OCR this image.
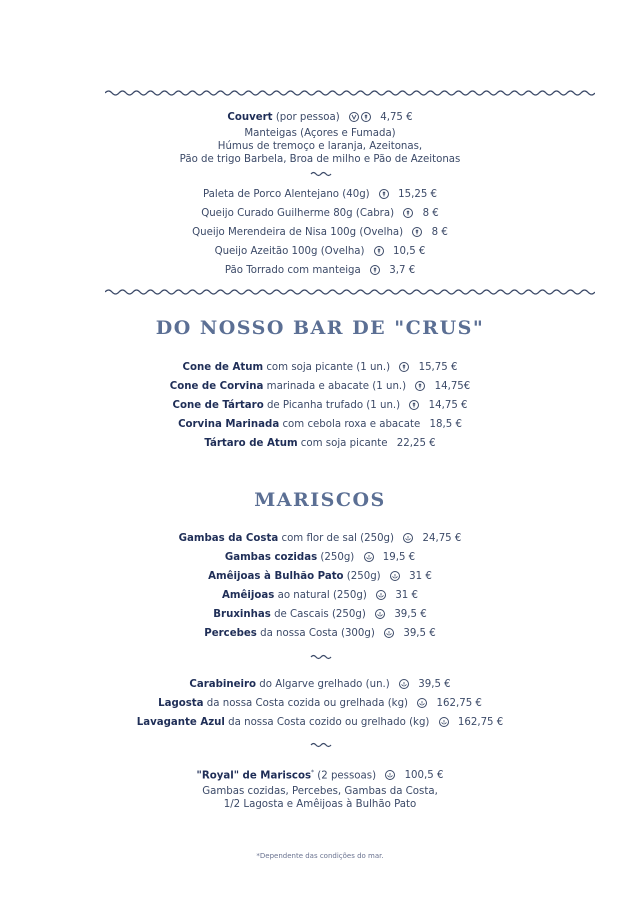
Couvert (por pessoa)	4,75 €
Manteigas (Açores e Fumada)
Húmus de tremoço e laranja, Azeitonas,
Pão de trigo Barbela, Broa de milho e Pão de Azeitonas
Paleta de Porco Alentejano (40g)	15,25 €
Queijo Curado Guilherme 80g (Cabra)	8 €
Queijo Merendeira de Nisa 100g (Ovelha)	8 €
Queijo Azeitão 100g (Ovelha)	10,5 €
Pão Torrado com manteiga	3,7 €
DO NOSSO BAR DE "CRUS"
Cone de Atum com soja picante (1 un.)	15,75 €
Cone de Corvina marinada e abacate (1 un.)	14,75€
Cone de Tártaro de Picanha trufado (1 un.)	14,75 €
Corvina Marinada com cebola roxa e abacate 18,5 €
Tártaro de Atum com soja picante 22,25 €
MARISCOS
Gambas da Costa com flor de sal (250g)	24,75 €
Gambas cozidas (250g)	19,5 €
Amêijoas à Bulhão Pato (250g)	31 €
Amêijoas ao natural (250g)	31 €
Bruxinhas de Cascais (250g)	39,5 €
Percebes da nossa Costa (300g)	39,5 €
Carabineiro do Algarve grelhado (un.)	39,5 €
Lagosta da nossa Costa cozida ou grelhada (kg)	162,75 €
Lavagante Azul da nossa Costa cozido ou grelhado (kg)	162,75 €
"Royal" de Mariscos* (2 pessoas)	100,5 €
Gambas cozidas, Percebes, Gambas da Costa,
1/2 Lagosta e Amêijoas à Bulhão Pato
*Dependente das condições do mar.
